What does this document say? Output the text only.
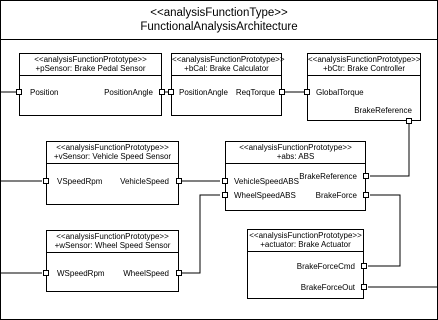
<<analysisFunctionType>>
FunctionalAnalysisArchitecture
<<analysisFunctionPrototype>>
+pSensor: Brake Pedal Sensor
Position	PositionAngle
<<analysisFunctionPrototype>>
+bCal: Brake Calculator
PositionAngle ReqTorque
<<analysisFunctionPrototype>>
+bCtr: Brake Controller
GlobalTorque
BrakeReference
<<analysisFunctionPrototype>>
+vSensor: Vehicle Speed Sensor
VSpeedRpm VehicleSpeed
<<analysisFunctionPrototype>>
+abs: ABS
VehicleSpeedABS
WheelSpeedABS
BrakeReference
BrakeForce
<<analysisFunctionPrototype>>
+wSensor: Wheel Speed Sensor
WSpeedRpm WheelSpeed
<<analysisFunctionPrototype>>
+actuator: Brake Actuator
BrakeForceCmd
BrakeForceOut
